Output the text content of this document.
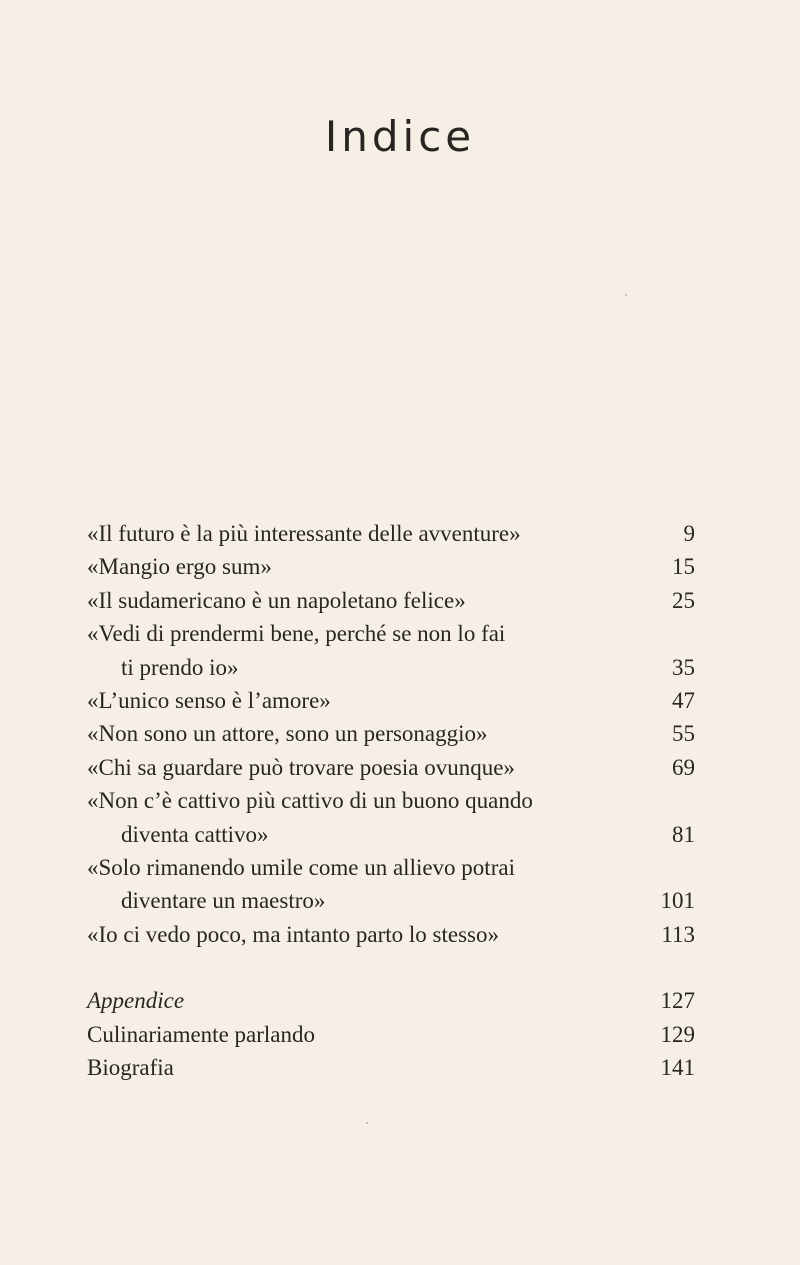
Indice
«Il futuro è la più interessante delle avventure»	9
«Mangio ergo sum»	15
«Il sudamericano è un napoletano felice»	25
«Vedi di prendermi bene, perché se non lo fai
ti prendo io»	35
«L’unico senso è l’amore»	47
«Non sono un attore, sono un personaggio»	55
«Chi sa guardare può trovare poesia ovunque»	69
«Non c’è cattivo più cattivo di un buono quando
diventa cattivo»	81
«Solo rimanendo umile come un allievo potrai
diventare un maestro»	101
«Io ci vedo poco, ma intanto parto lo stesso»	113
Appendice	127
Culinariamente parlando	129
Biografia	141
